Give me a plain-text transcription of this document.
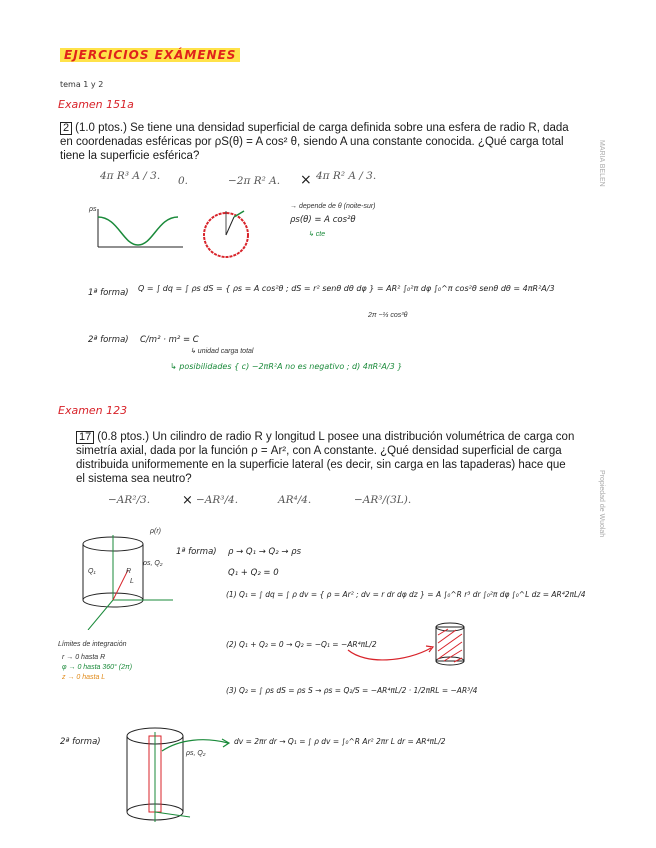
EJERCICIOS EXÁMENES
tema 1 y 2
Examen 151a
2 (1.0 ptos.) Se tiene una densidad superficial de carga definida sobre una esfera de radio R, dada
en coordenadas esféricas por ρS(θ) = A cos² θ, siendo A una constante conocida. ¿Qué carga total
tiene la superficie esférica?
4π R³ A / 3. 0.	−2π R² A. × 4π R² A / 3.
ρs	→ depende de θ (noite-sur)
ρs(θ) = A cos²θ
↳ cte
1ª forma) Q = ∫ dq = ∫ ρs dS = { ρs = A cos²θ ; dS = r² senθ dθ dφ } = AR² ∫₀²π dφ ∫₀^π cos²θ senθ dθ = 4πR²A/3
2π −⅓ cos³θ
2ª forma) C/m² · m² = C
↳ unidad carga total
↳ posibilidades { c) −2πR²A no es negativo ; d) 4πR²A/3 }
MARIA BELEN
Examen 123
17 (0.8 ptos.) Un cilindro de radio R y longitud L posee una distribución volumétrica de carga con
simetría axial, dada por la función ρ = Ar², con A constante. ¿Qué densidad superficial de carga
distribuida uniformemente en la superficie lateral (es decir, sin carga en las tapaderas) hace que
el sistema sea neutro?
−AR²/3. × −AR³/4.	AR⁴/4.	−AR³/(3L).	Propiedad de Wuolah
ρ(r)
ρs, Q₂
Q₁	R
L
Límites de integración
r → 0 hasta R
φ → 0 hasta 360° (2π)
z → 0 hasta L
1ª forma) ρ → Q₁ → Q₂ → ρs
Q₁ + Q₂ = 0
(1) Q₁ = ∫ dq = ∫ ρ dv = { ρ = Ar² ; dv = r dr dφ dz } = A ∫₀^R r³ dr ∫₀²π dφ ∫₀^L dz = AR⁴2πL/4
(2) Q₁ + Q₂ = 0 → Q₂ = −Q₁ = −AR⁴πL/2
(3) Q₂ = ∫ ρs dS = ρs S → ρs = Q₂/S = −AR⁴πL/2 · 1/2πRL = −AR³/4
2ª forma)
ρs, Q₂
dv = 2πr dr → Q₁ = ∫ ρ dv = ∫₀^R Ar² 2πr L dr = AR⁴πL/2
